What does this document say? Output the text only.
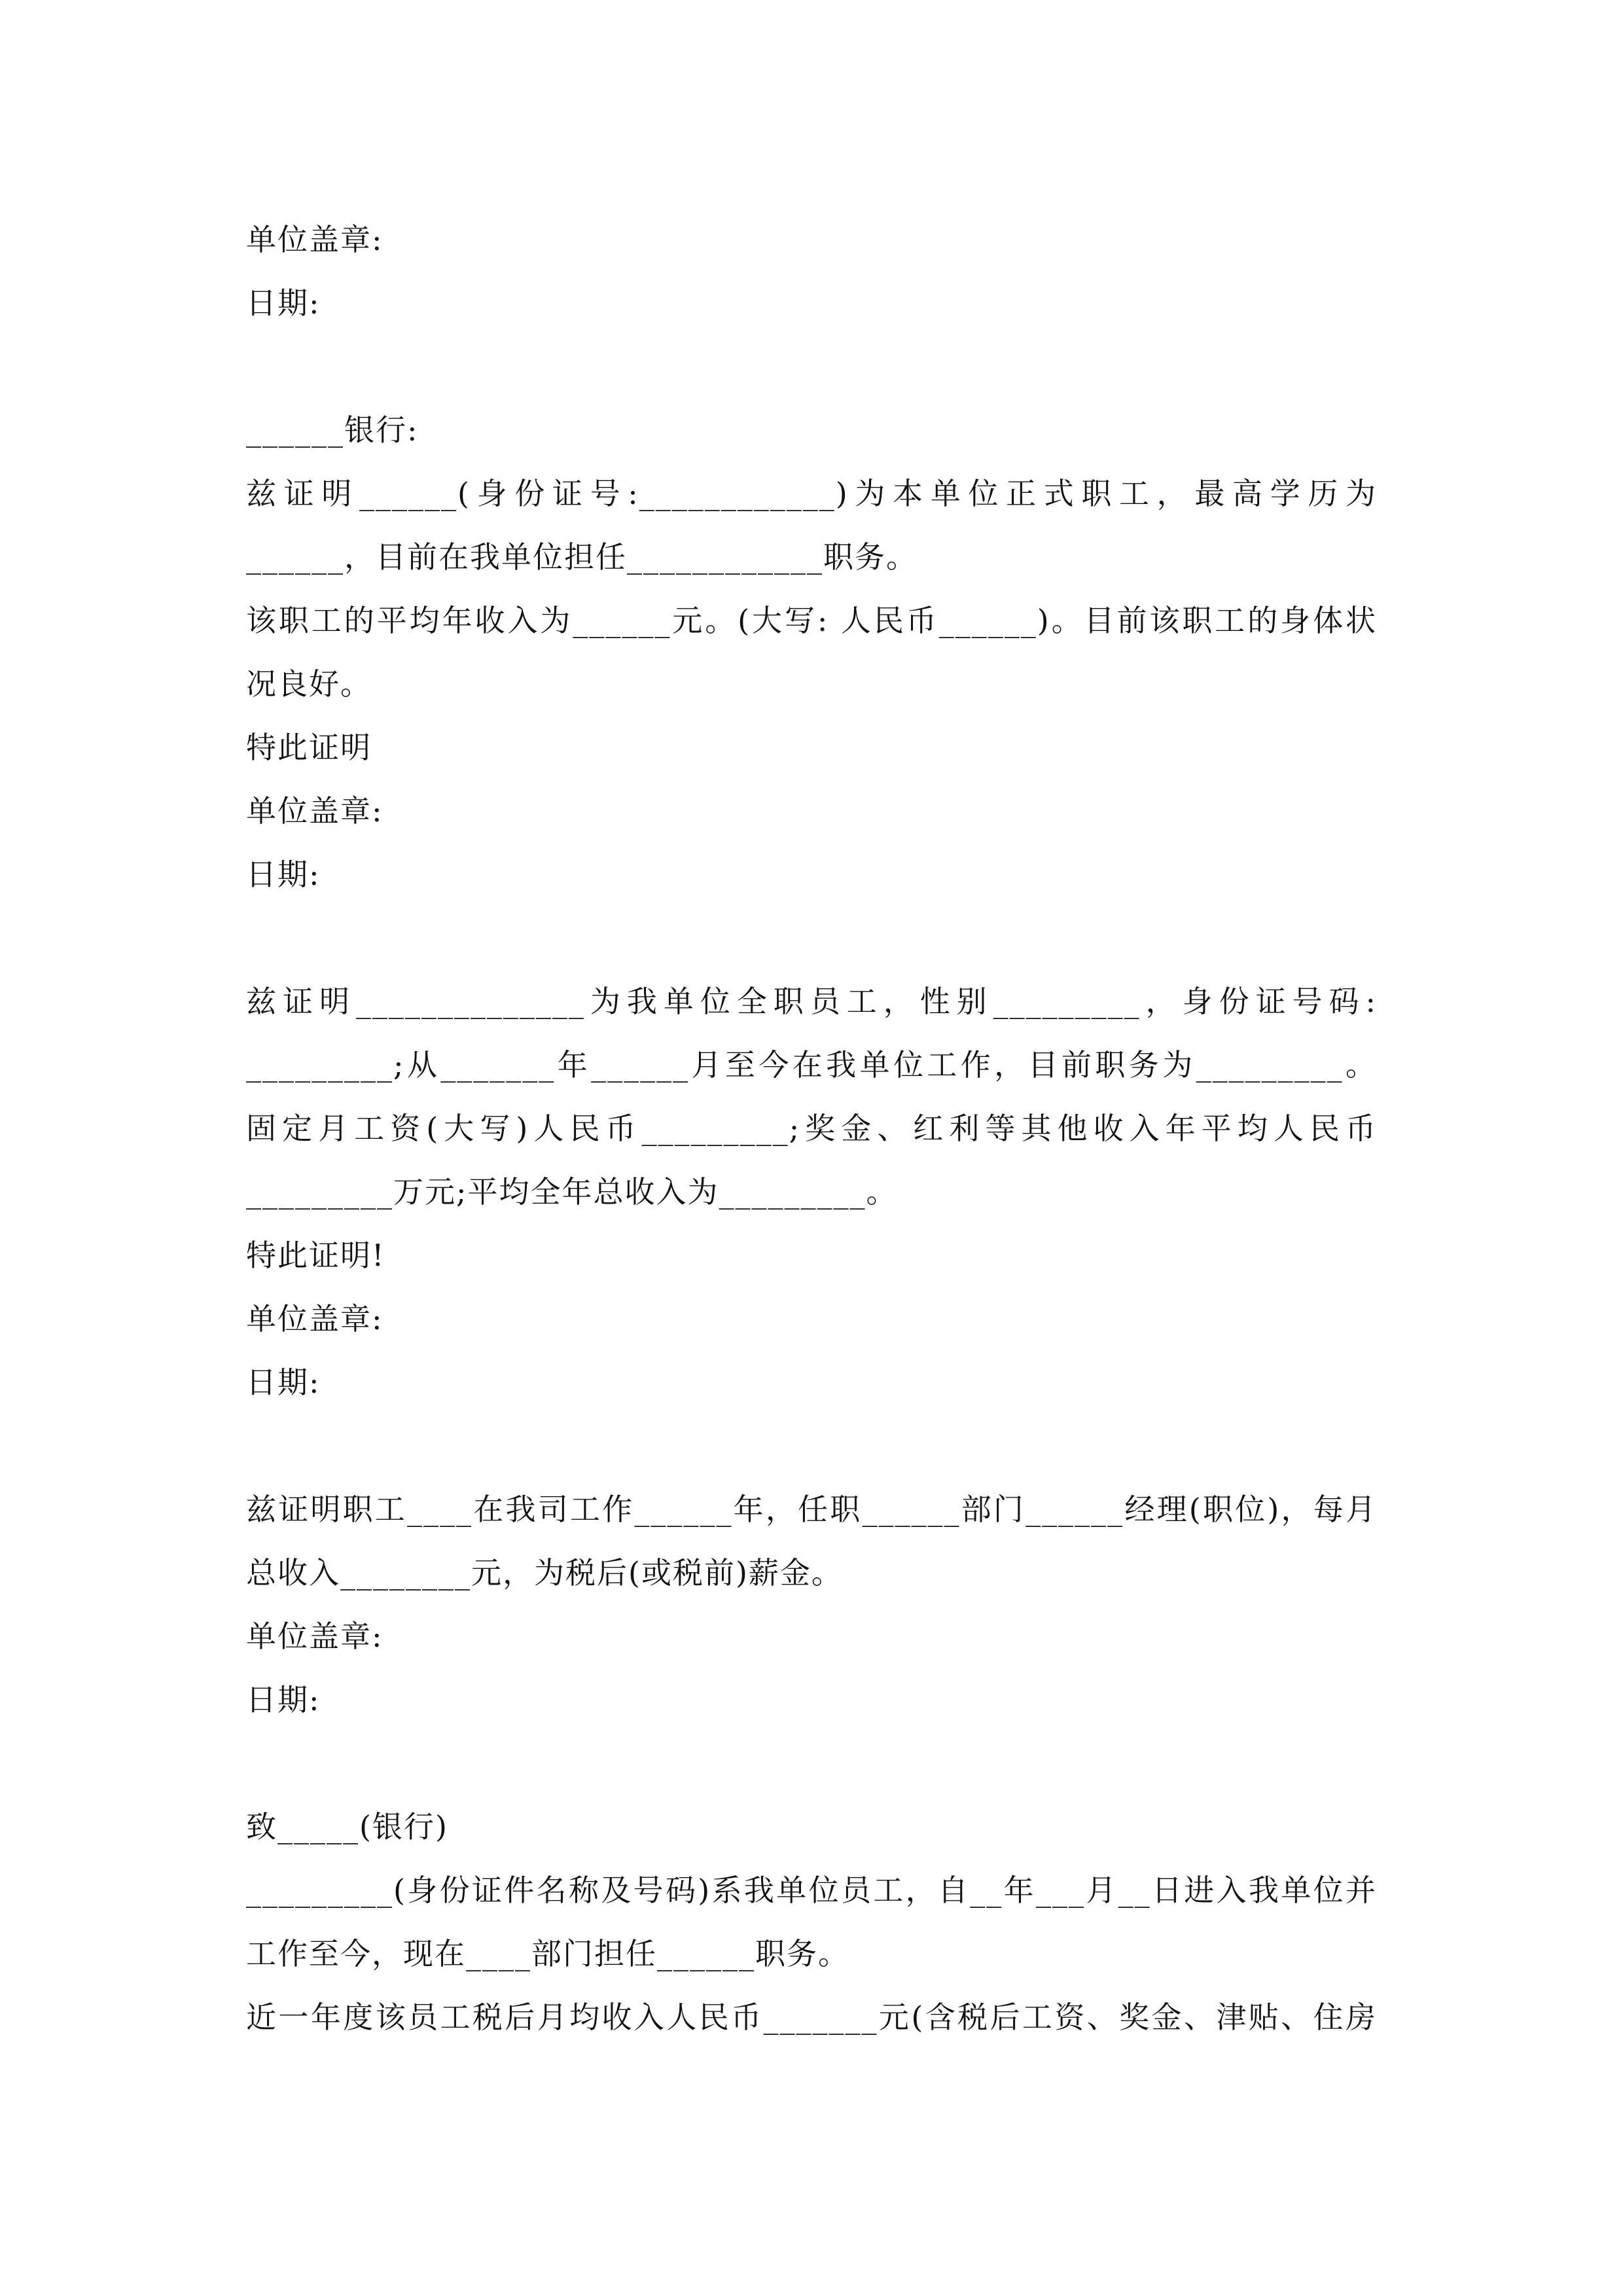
单位盖章:
日期:
______银行:
兹证明______(身份证号:____________)为本单位正式职工，最高学历为
______，目前在我单位担任____________职务。
该职工的平均年收入为______元。(大写: 人民币______)。目前该职工的身体状
况良好。
特此证明
单位盖章:
日期:
兹证明______________为我单位全职员工，性别_________，身份证号码:
_________;从_______年______月至今在我单位工作，目前职务为_________。
固定月工资(大写)人民币_________;奖金、红利等其他收入年平均人民币
_________万元;平均全年总收入为_________。
特此证明!
单位盖章:
日期:
兹证明职工____在我司工作______年，任职______部门______经理(职位)，每月
总收入________元，为税后(或税前)薪金。
单位盖章:
日期:
致_____(银行)
_________(身份证件名称及号码)系我单位员工，自__年___月__日进入我单位并
工作至今，现在____部门担任______职务。
近一年度该员工税后月均收入人民币_______元(含税后工资、奖金、津贴、住房
